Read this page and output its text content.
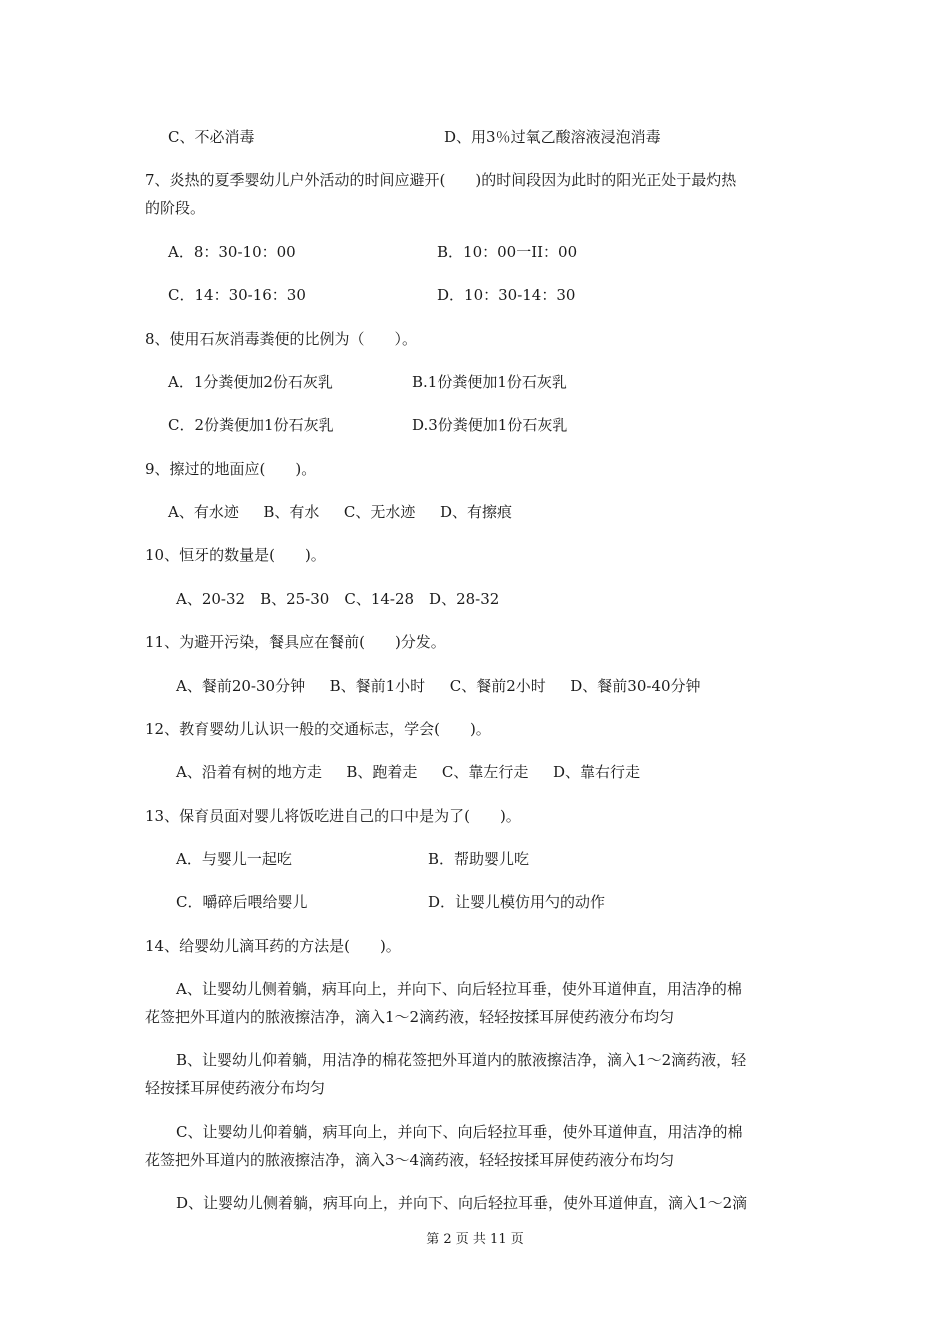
C、不必消毒	D、用3％过氧乙酸溶液浸泡消毒
7、炎热的夏季婴幼儿户外活动的时间应避开(　　)的时间段因为此时的阳光正处于最灼热
的阶段。
A．8：30-10：00	B．10：00一II：00
C．14：30-16：30	D．10：30-14：30
8、使用石灰消毒粪便的比例为（　　）。
A．1分粪便加2份石灰乳	B.1份粪便加1份石灰乳
C．2份粪便加1份石灰乳	D.3份粪便加1份石灰乳
9、擦过的地面应(　　)。
A、有水迹　  B、有水　  C、无水迹　  D、有擦痕
10、恒牙的数量是(　　)。
A、20-32　B、25-30　C、14-28　D、28-32
11、为避开污染，餐具应在餐前(　　)分发。
A、餐前20-30分钟　  B、餐前1小时　  C、餐前2小时　  D、餐前30-40分钟
12、教育婴幼儿认识一般的交通标志，学会(　　)。
A、沿着有树的地方走　  B、跑着走　  C、靠左行走　  D、靠右行走
13、保育员面对婴儿将饭吃进自己的口中是为了(　　)。
A．与婴儿一起吃	B．帮助婴儿吃
C．嚼碎后喂给婴儿	D．让婴儿模仿用勺的动作
14、给婴幼儿滴耳药的方法是(　　)。
A、让婴幼儿侧着躺，病耳向上，并向下、向后轻拉耳垂，使外耳道伸直，用洁净的棉
花签把外耳道内的脓液擦洁净，滴入1～2滴药液，轻轻按揉耳屏使药液分布均匀
B、让婴幼儿仰着躺，用洁净的棉花签把外耳道内的脓液擦洁净，滴入1～2滴药液，轻
轻按揉耳屏使药液分布均匀
C、让婴幼儿仰着躺，病耳向上，并向下、向后轻拉耳垂，使外耳道伸直，用洁净的棉
花签把外耳道内的脓液擦洁净，滴入3～4滴药液，轻轻按揉耳屏使药液分布均匀
D、让婴幼儿侧着躺，病耳向上，并向下、向后轻拉耳垂，使外耳道伸直，滴入1～2滴
第 2 页 共 11 页
